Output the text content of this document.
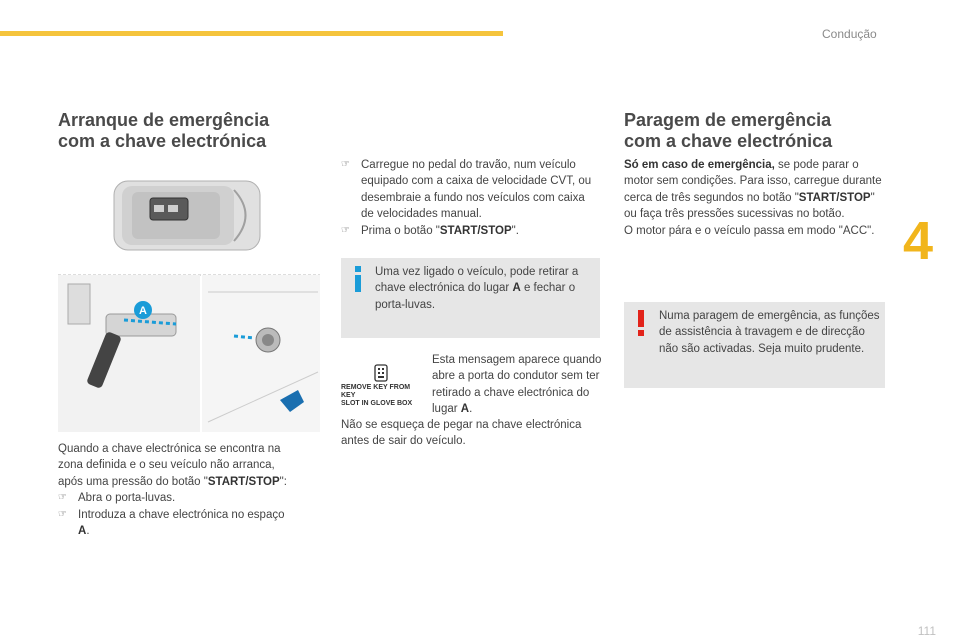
Condução
4
Arranque de emergência
com a chave electrónica
A
Quando a chave electrónica se encontra na zona definida e o seu veículo não arranca, após uma pressão do botão "START/STOP":
☞ Abra o porta-luvas.
☞ Introduza a chave electrónica no espaço A.
☞ Carregue no pedal do travão, num veículo equipado com a caixa de velocidade CVT, ou desembraie a fundo nos veículos com caixa de velocidades manual.
☞ Prima o botão "START/STOP".
Uma vez ligado o veículo, pode retirar a chave electrónica do lugar A e fechar o porta-luvas.
REMOVE KEY FROM KEY
SLOT IN GLOVE BOX
Esta mensagem aparece quando abre a porta do condutor sem ter retirado a chave electrónica do lugar A.
Não se esqueça de pegar na chave electrónica antes de sair do veículo.
Paragem de emergência
com a chave electrónica
Só em caso de emergência, se pode parar o motor sem condições. Para isso, carregue durante cerca de três segundos no botão "START/STOP" ou faça três pressões sucessivas no botão.
O motor pára e o veículo passa em modo "ACC".
Numa paragem de emergência, as funções de assistência à travagem e de direcção não são activadas. Seja muito prudente.
111
